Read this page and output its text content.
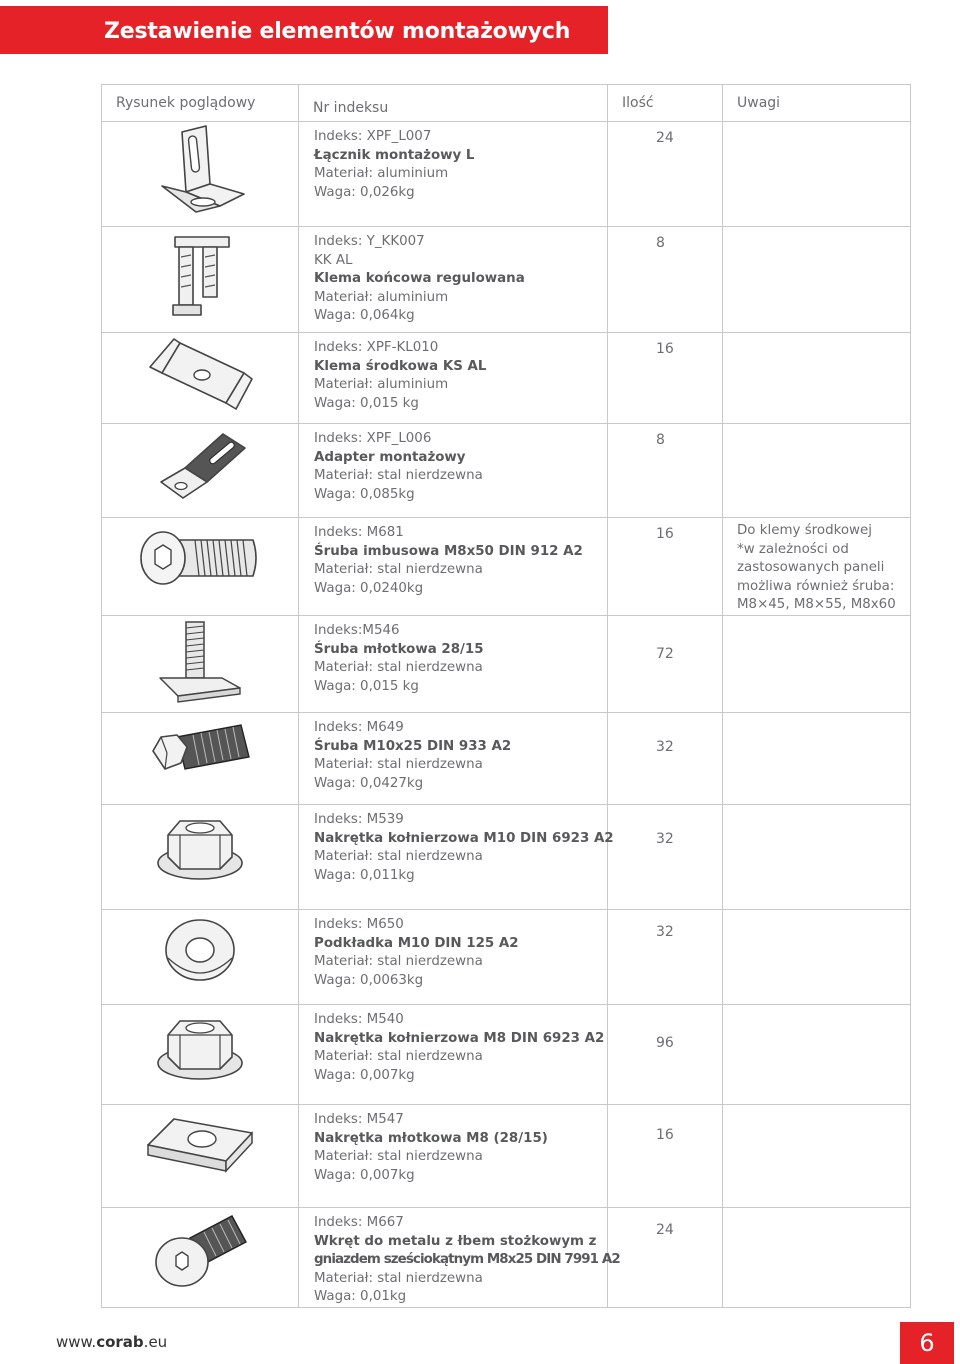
Zestawienie elementów montażowych
Rysunek poglądowy	Nr indeksu	Ilość	Uwagi

Indeks: XPF_L007
Łącznik montażowy L
Materiał: aluminium
Waga: 0,026kg	24	

Indeks: Y_KK007
KK AL
Klema końcowa regulowana
Materiał: aluminium
Waga: 0,064kg	8	

Indeks: XPF-KL010
Klema środkowa KS AL
Materiał: aluminium
Waga: 0,015 kg	16	

Indeks: XPF_L006
Adapter montażowy
Materiał: stal nierdzewna
Waga: 0,085kg	8	

Indeks: M681
Śruba imbusowa M8x50 DIN 912 A2
Materiał: stal nierdzewna
Waga: 0,0240kg	16	Do klemy środkowej
*w zależności od
zastosowanych paneli
możliwa również śruba:
M8×45, M8×55, M8x60

Indeks:M546
Śruba młotkowa 28/15
Materiał: stal nierdzewna
Waga: 0,015 kg	72	

Indeks: M649
Śruba M10x25 DIN 933 A2
Materiał: stal nierdzewna
Waga: 0,0427kg	32	

Indeks: M539
Nakrętka kołnierzowa M10 DIN 6923 A2
Materiał: stal nierdzewna
Waga: 0,011kg	32	

Indeks: M650
Podkładka M10 DIN 125 A2
Materiał: stal nierdzewna
Waga: 0,0063kg	32	

Indeks: M540
Nakrętka kołnierzowa M8 DIN 6923 A2
Materiał: stal nierdzewna
Waga: 0,007kg	96	

Indeks: M547
Nakrętka młotkowa M8 (28/15)
Materiał: stal nierdzewna
Waga: 0,007kg	16	

Indeks: M667
Wkręt do metalu z łbem stożkowym z
gniazdem sześciokątnym M8x25 DIN 7991 A2
Materiał: stal nierdzewna
Waga: 0,01kg	24	
www.corab.eu	6
